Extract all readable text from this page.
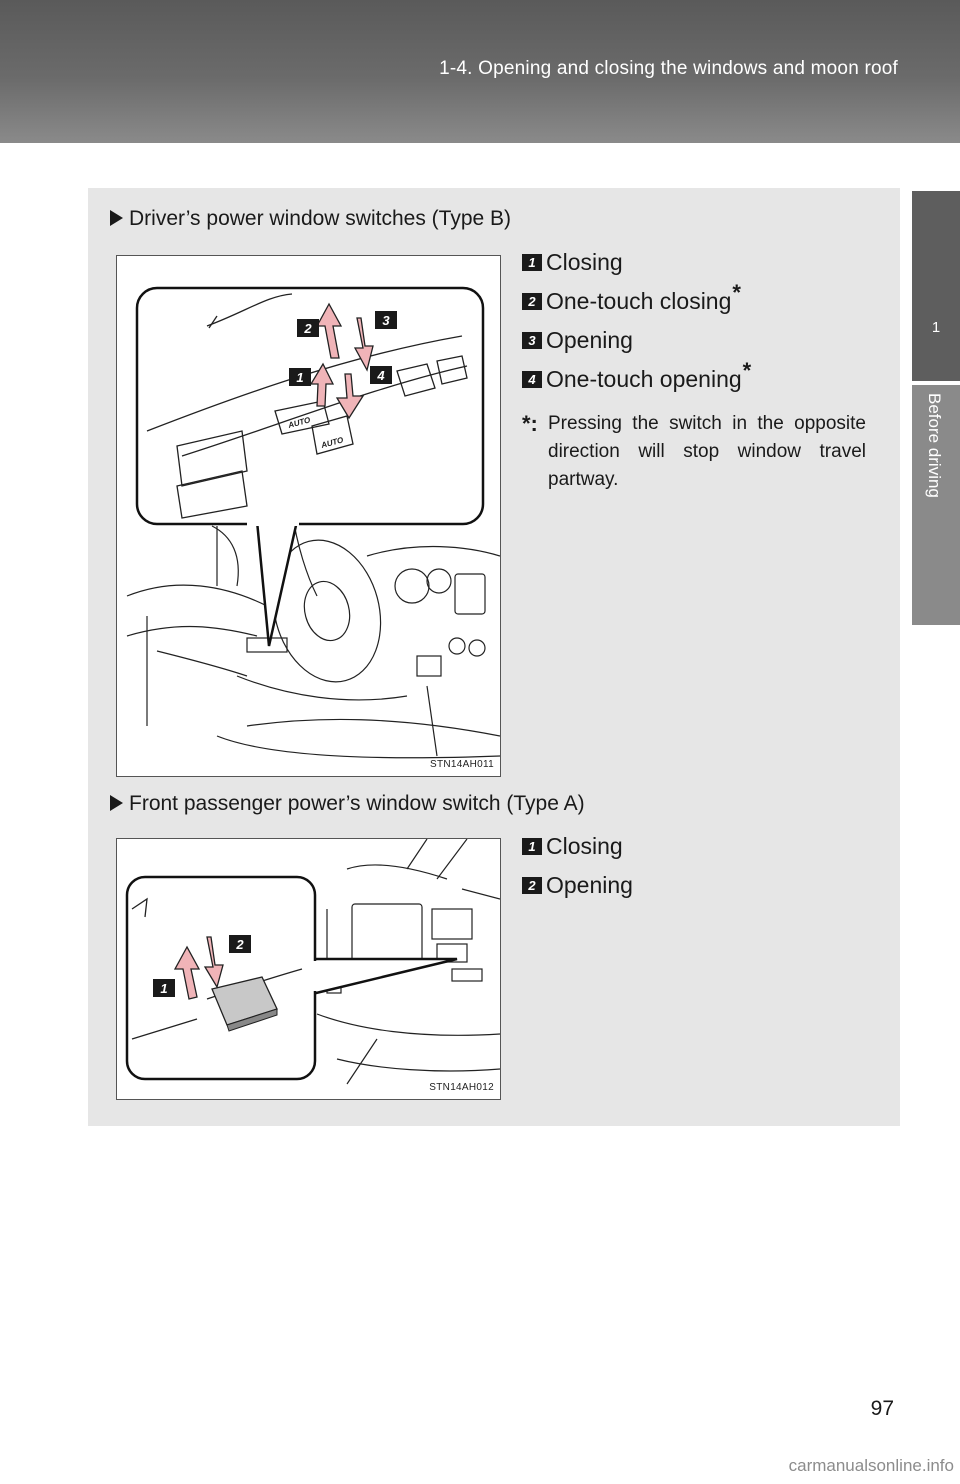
1-4. Opening and closing the windows and moon roof
1
Before driving
Driver’s power window switches (Type B)
AUTO
AUTO
2
3
1	4
STN14AH011
1 Closing
2 One-touch closing *
3 Opening
4 One-touch opening *
*: Pressing the switch in the opposite direction will stop window travel partway.
Front passenger power’s window switch (Type A)
1
2
STN14AH012
1 Closing
2 Opening
97
carmanualsonline.info
